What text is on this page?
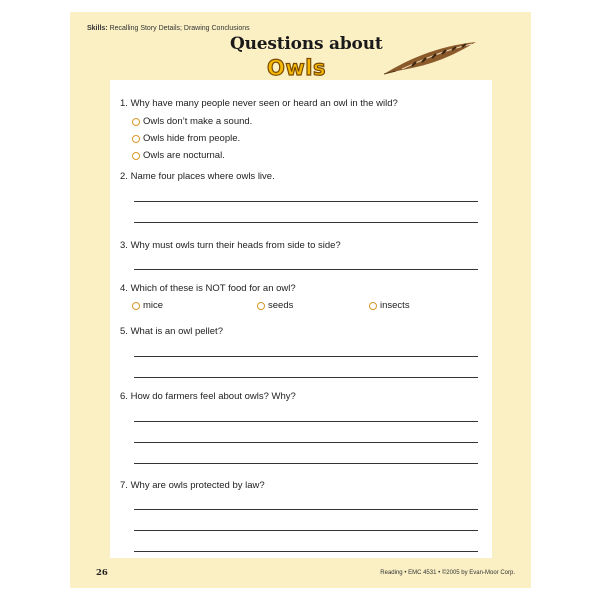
Skills: Recalling Story Details; Drawing Conclusions
Questions about
Owls
1. Why have many people never seen or heard an owl in the wild?
Owls don’t make a sound.
Owls hide from people.
Owls are nocturnal.
2. Name four places where owls live.
3. Why must owls turn their heads from side to side?
4. Which of these is NOT food for an owl?
mice	seeds	insects
5. What is an owl pellet?
6. How do farmers feel about owls? Why?
7. Why are owls protected by law?
26	Reading • EMC 4531 • ©2005 by Evan-Moor Corp.
